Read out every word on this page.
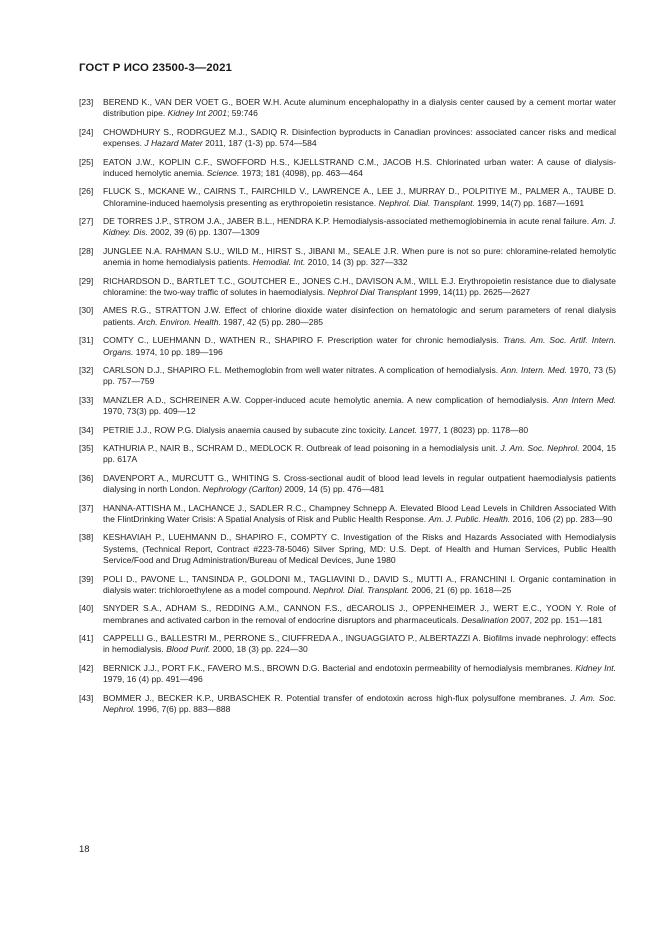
ГОСТ Р ИСО 23500-3—2021
[23]	BEREND K., VAN DER VOET G., BOER W.H. Acute aluminum encephalopathy in a dialysis center caused by a cement mortar water distribution pipe. Kidney Int 2001; 59:746
[24]	CHOWDHURY S., RODRGUEZ M.J., SADIQ R. Disinfection byproducts in Canadian provinces: associated cancer risks and medical expenses. J Hazard Mater 2011, 187 (1-3) pp. 574—584
[25]	EATON J.W., KOPLIN C.F., SWOFFORD H.S., KJELLSTRAND C.M., JACOB H.S. Chlorinated urban water: A cause of dialysis-induced hemolytic anemia. Science. 1973; 181 (4098), pp. 463—464
[26]	FLUCK S., MCKANE W., CAIRNS T., FAIRCHILD V., LAWRENCE A., LEE J., MURRAY D., POLPITIYE M., PALMER A., TAUBE D. Chloramine-induced haemolysis presenting as erythropoietin resistance. Nephrol. Dial. Transplant. 1999, 14(7) pp. 1687—1691
[27]	DE TORRES J.P., STROM J.A., JABER B.L., HENDRA K.P. Hemodialysis-associated methemoglobinemia in acute renal failure. Am. J. Kidney. Dis. 2002, 39 (6) pp. 1307—1309
[28]	JUNGLEE N.A. RAHMAN S.U., WILD M., HIRST S., JIBANI M., SEALE J.R. When pure is not so pure: chloramine-related hemolytic anemia in home hemodialysis patients. Hemodial. Int. 2010, 14 (3) pp. 327—332
[29]	RICHARDSON D., BARTLET T.C., GOUTCHER E., JONES C.H., DAVISON A.M., WILL E.J. Erythropoietin resistance due to dialysate chloramine: the two-way traffic of solutes in haemodialysis. Nephrol Dial Transplant 1999, 14(11) pp. 2625—2627
[30]	AMES R.G., STRATTON J.W. Effect of chlorine dioxide water disinfection on hematologic and serum parameters of renal dialysis patients. Arch. Environ. Health. 1987, 42 (5) pp. 280—285
[31]	COMTY C., LUEHMANN D., WATHEN R., SHAPIRO F. Prescription water for chronic hemodialysis. Trans. Am. Soc. Artif. Intern. Organs. 1974, 10 pp. 189—196
[32]	CARLSON D.J., SHAPIRO F.L. Methemoglobin from well water nitrates. A complication of hemodialysis. Ann. Intern. Med. 1970, 73 (5) pp. 757—759
[33]	MANZLER A.D., SCHREINER A.W. Copper-induced acute hemolytic anemia. A new complication of hemodialysis. Ann Intern Med. 1970, 73(3) pp. 409—12
[34]	PETRIE J.J., ROW P.G. Dialysis anaemia caused by subacute zinc toxicity. Lancet. 1977, 1 (8023) pp. 1178—80
[35]	KATHURIA P., NAIR B., SCHRAM D., MEDLOCK R. Outbreak of lead poisoning in a hemodialysis unit. J. Am. Soc. Nephrol. 2004, 15 pp. 617A
[36]	DAVENPORT A., MURCUTT G., WHITING S. Cross-sectional audit of blood lead levels in regular outpatient haemodialysis patients dialysing in north London. Nephrology (Carlton) 2009, 14 (5) pp. 476—481
[37]	HANNA-ATTISHA M., LACHANCE J., SADLER R.C., Champney Schnepp A. Elevated Blood Lead Levels in Children Associated With the FlintDrinking Water Crisis: A Spatial Analysis of Risk and Public Health Response. Am. J. Public. Health. 2016, 106 (2) pp. 283—90
[38]	KESHAVIAH P., LUEHMANN D., SHAPIRO F., COMPTY C. Investigation of the Risks and Hazards Associated with Hemodialysis Systems, (Technical Report, Contract #223-78-5046) Silver Spring, MD: U.S. Dept. of Health and Human Services, Public Health Service/Food and Drug Administration/Bureau of Medical Devices, June 1980
[39]	POLI D., PAVONE L., TANSINDA P., GOLDONI M., TAGLIAVINI D., DAVID S., MUTTI A., FRANCHINI I. Organic contamination in dialysis water: trichloroethylene as a model compound. Nephrol. Dial. Transplant. 2006, 21 (6) pp. 1618—25
[40]	SNYDER S.A., ADHAM S., REDDING A.M., CANNON F.S., dECAROLIS J., OPPENHEIMER J., WERT E.C., YOON Y. Role of membranes and activated carbon in the removal of endocrine disruptors and pharmaceuticals. Desalination 2007, 202 pp. 151—181
[41]	CAPPELLI G., BALLESTRI M., PERRONE S., CIUFFREDA A., INGUAGGIATO P., ALBERTAZZI A. Biofilms invade nephrology: effects in hemodialysis. Blood Purif. 2000, 18 (3) pp. 224—30
[42]	BERNICK J.J., PORT F.K., FAVERO M.S., BROWN D.G. Bacterial and endotoxin permeability of hemodialysis membranes. Kidney Int. 1979, 16 (4) pp. 491—496
[43]	BOMMER J., BECKER K.P., URBASCHEK R. Potential transfer of endotoxin across high-flux polysulfone membranes. J. Am. Soc. Nephrol. 1996, 7(6) pp. 883—888
18
